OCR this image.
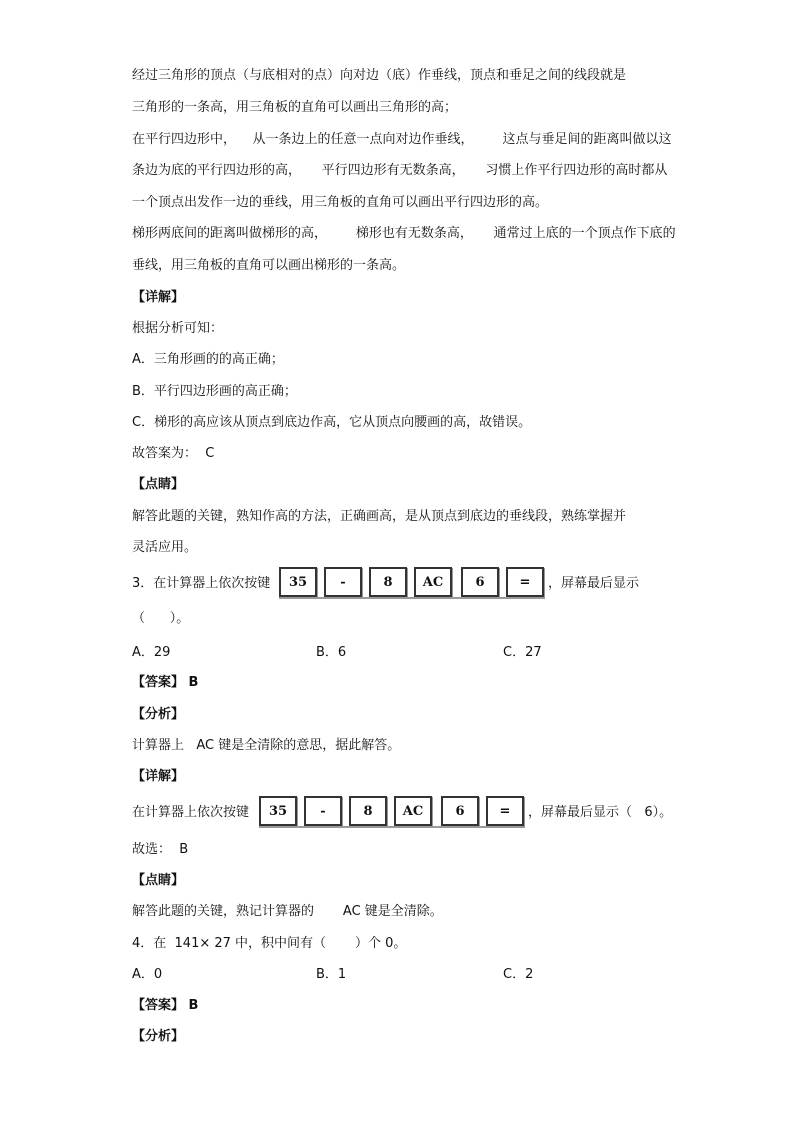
经过三角形的顶点（与底相对的点）向对边（底）作垂线，顶点和垂足之间的线段就是
三角形的一条高，用三角板的直角可以画出三角形的高；
在平行四边形中，    从一条边上的任意一点向对边作垂线，       这点与垂足间的距离叫做以这
条边为底的平行四边形的高，     平行四边形有无数条高，     习惯上作平行四边形的高时都从
一个顶点出发作一边的垂线，用三角板的直角可以画出平行四边形的高。
梯形两底间的距离叫做梯形的高，       梯形也有无数条高，     通常过上底的一个顶点作下底的
垂线，用三角板的直角可以画出梯形的一条高。
【详解】
根据分析可知：
A．三角形画的的高正确；
B．平行四边形画的高正确；
C．梯形的高应该从顶点到底边作高，它从顶点向腰画的高，故错误。
故答案为：  C
【点睛】
解答此题的关键，熟知作高的方法，正确画高，是从顶点到底边的垂线段，熟练掌握并
灵活应用。
3．在计算器上依次按键	35	-	8	AC	6	=	，屏幕最后显示
（      ）。
A．29	B．6	C．27
【答案】 B
【分析】
计算器上   AC 键是全清除的意思，据此解答。
【详解】
在计算器上依次按键	35	-	8	AC	6	=	，屏幕最后显示（   6）。
故选：  B
【点睛】
解答此题的关键，熟记计算器的       AC 键是全清除。
4．在  141× 27 中，积中间有（       ）个 0。
A．0	B．1	C．2
【答案】 B
【分析】
